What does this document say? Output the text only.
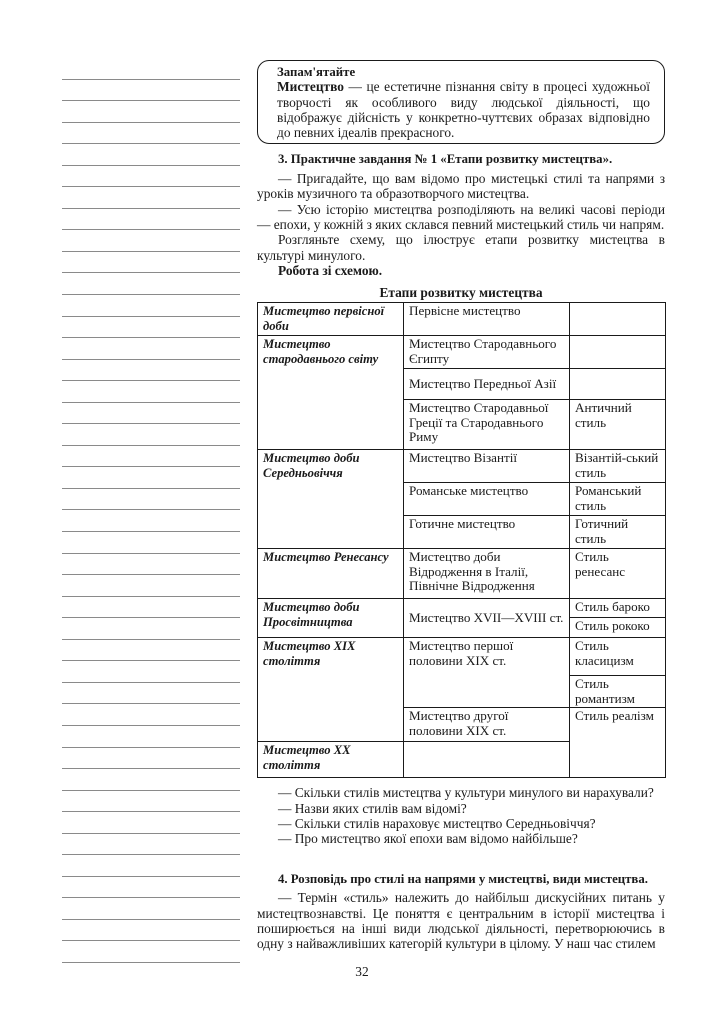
Запам'ятайте
Мистецтво — це естетичне пізнання світу в процесі художньої творчості як особливого виду людської діяльності, що відображує дійсність у конкретно-чуттєвих образах відповідно до певних ідеалів прекрасного.
3. Практичне завдання № 1 «Етапи розвитку мистецтва».
— Пригадайте, що вам відомо про мистецькі стилі та напрями з уроків музичного та образотворчого мистецтва.
— Усю історію мистецтва розподіляють на великі часові періоди — епохи, у кожній з яких склався певний мистецький стиль чи напрям.
Розгляньте схему, що ілюструє етапи розвитку мистецтва в культурі минулого.
Робота зі схемою.
Етапи розвитку мистецтва
Мистецтво первісної доби	Первісне мистецтво	
Мистецтво стародавнього світу	Мистецтво Стародавнього Єгипту	
	Мистецтво Передньої Азії	
	Мистецтво Стародавньої Греції та Стародавнього Риму	Античний стиль
Мистецтво доби Середньовіччя	Мистецтво Візантії	Візантій-ський стиль
	Романське мистецтво	Романський стиль
	Готичне мистецтво	Готичний стиль
Мистецтво Ренесансу	Мистецтво доби Відродження в Італії, Північне Відродження	Стиль ренесанс
Мистецтво доби Просвітництва	Мистецтво XVII—XVIII ст.	Стиль бароко
		Стиль рококо
Мистецтво XIX століття	Мистецтво першої половини XIX ст.	Стиль класицизм
		Стиль романтизм
	Мистецтво другої половини XIX ст.	Стиль реалізм
Мистецтво XX століття		
— Скільки стилів мистецтва у культури минулого ви нарахували?
— Назви яких стилів вам відомі?
— Скільки стилів нараховує мистецтво Середньовіччя?
— Про мистецтво якої епохи вам відомо найбільше?
4. Розповідь про стилі на напрями у мистецтві, види мистецтва.
— Термін «стиль» належить до найбільш дискусійних питань у мистецтвознавстві. Це поняття є центральним в історії мистецтва і поширюється на інші види людської діяльності, перетворюючись в одну з найважливіших категорій культури в цілому. У наш час стилем
32
